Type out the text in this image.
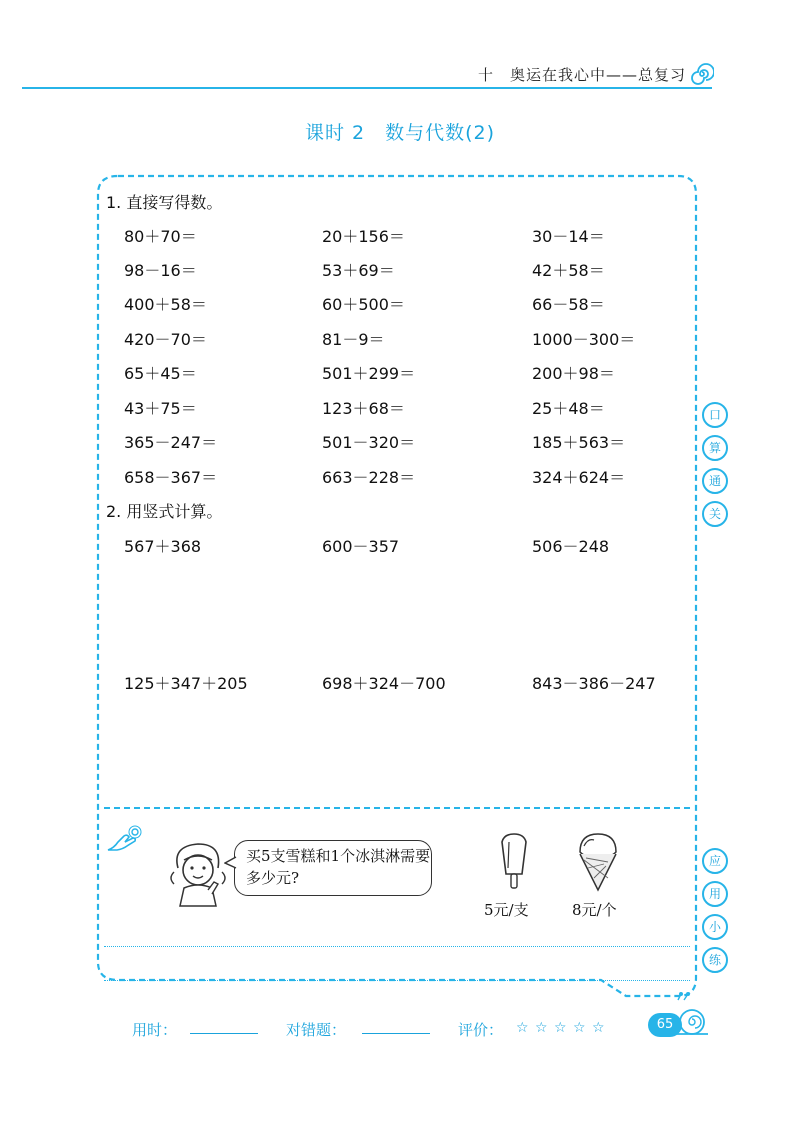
十　奥运在我心中——总复习
课时 2　数与代数(2)
1. 直接写得数。
80＋70＝	20＋156＝	30－14＝
98－16＝	53＋69＝	42＋58＝
400＋58＝	60＋500＝	66－58＝
420－70＝	81－9＝	1000－300＝
65＋45＝	501＋299＝	200＋98＝
43＋75＝	123＋68＝	25＋48＝
365－247＝	501－320＝	185＋563＝
658－367＝	663－228＝	324＋624＝
2. 用竖式计算。
567＋368	600－357	506－248
125＋347＋205	698＋324－700	843－386－247
买5支雪糕和1个冰淇淋需要多少元?
5元/支	8元/个
口
算
通
关
应
用
小
练
用时：	对错题：	评价： ☆ ☆ ☆ ☆ ☆	65
